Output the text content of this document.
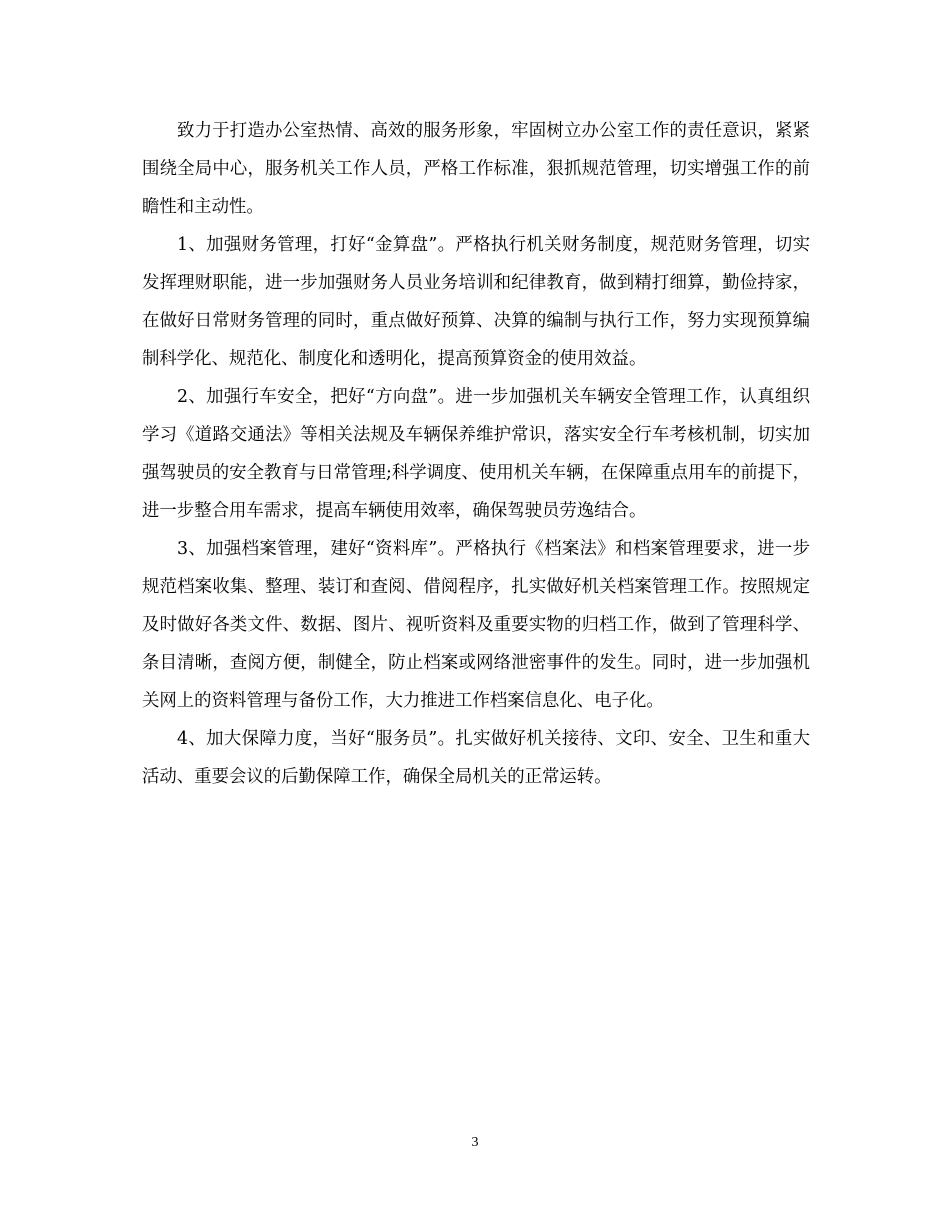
致力于打造办公室热情、高效的服务形象，牢固树立办公室工作的责任意识，紧紧围绕全局中心，服务机关工作人员，严格工作标准，狠抓规范管理，切实增强工作的前瞻性和主动性。

1、加强财务管理，打好“金算盘”。严格执行机关财务制度，规范财务管理，切实发挥理财职能，进一步加强财务人员业务培训和纪律教育，做到精打细算，勤俭持家，在做好日常财务管理的同时，重点做好预算、决算的编制与执行工作，努力实现预算编制科学化、规范化、制度化和透明化，提高预算资金的使用效益。

2、加强行车安全，把好“方向盘”。进一步加强机关车辆安全管理工作，认真组织学习《道路交通法》等相关法规及车辆保养维护常识，落实安全行车考核机制，切实加强驾驶员的安全教育与日常管理;科学调度、使用机关车辆，在保障重点用车的前提下，进一步整合用车需求，提高车辆使用效率，确保驾驶员劳逸结合。

3、加强档案管理，建好“资料库”。严格执行《档案法》和档案管理要求，进一步规范档案收集、整理、装订和查阅、借阅程序，扎实做好机关档案管理工作。按照规定及时做好各类文件、数据、图片、视听资料及重要实物的归档工作，做到了管理科学、条目清晰，查阅方便，制健全，防止档案或网络泄密事件的发生。同时，进一步加强机关网上的资料管理与备份工作，大力推进工作档案信息化、电子化。

4、加大保障力度，当好“服务员”。扎实做好机关接待、文印、安全、卫生和重大活动、重要会议的后勤保障工作，确保全局机关的正常运转。

3
